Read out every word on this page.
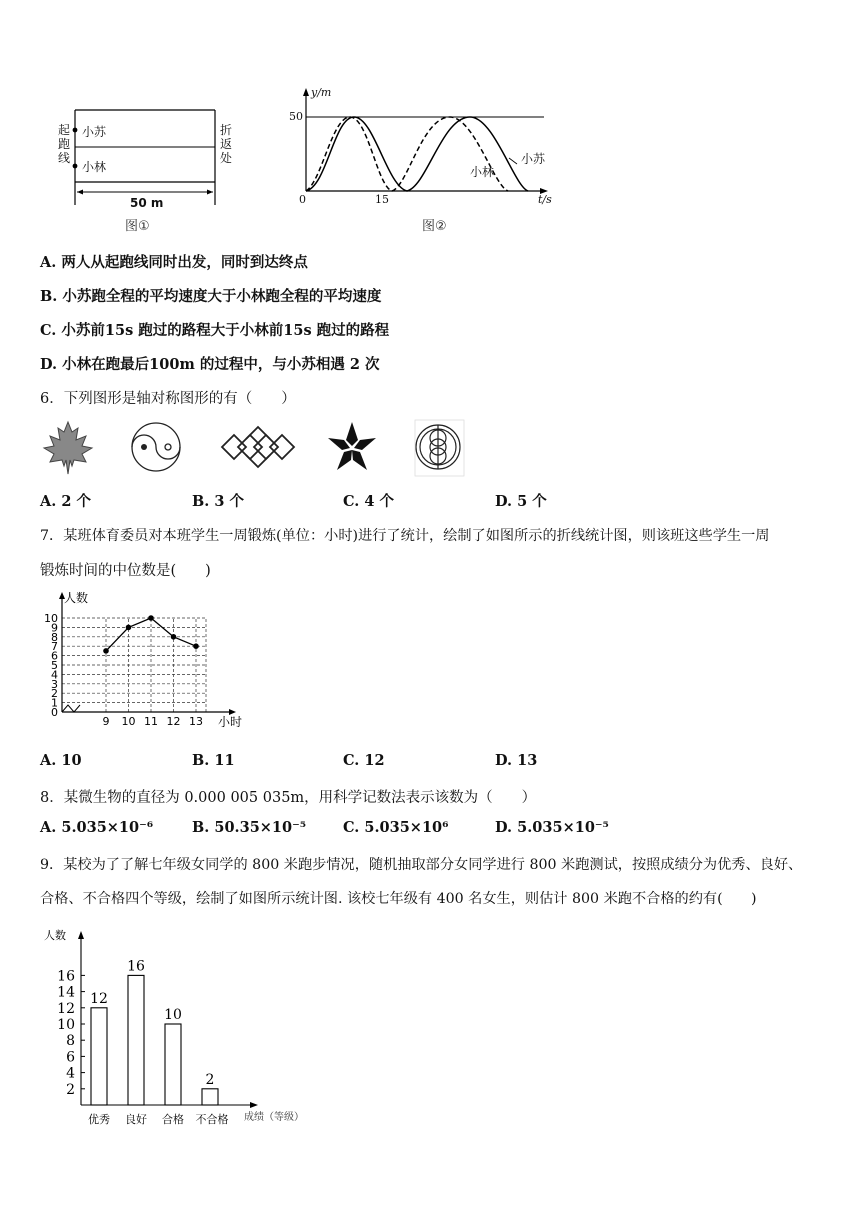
起跑线
折返处
小苏
小林
50 m
图①
y/m
t/s
50
15
0
小苏
小林
图②
A. 两人从起跑线同时出发，同时到达终点
B. 小苏跑全程的平均速度大于小林跑全程的平均速度
C. 小苏前15s 跑过的路程大于小林前15s 跑过的路程
D. 小林在跑最后100m 的过程中，与小苏相遇 2 次
6．下列图形是轴对称图形的有（　　）
A. 2 个	B. 3 个	C. 4 个	D. 5 个
7．某班体育委员对本班学生一周锻炼(单位：小时)进行了统计，绘制了如图所示的折线统计图，则该班这些学生一周
锻炼时间的中位数是(　　)
0
1
2
3
4
5
6
7
8
9
10
9 10 11 12 13
人数
小时
A. 10	B. 11	C. 12	D. 13
8．某微生物的直径为 0.000 005 035m，用科学记数法表示该数为（　　）
A. 5.035×10⁻⁶	B. 50.35×10⁻⁵	C. 5.035×10⁶	D. 5.035×10⁻⁵
9．某校为了了解七年级女同学的 800 米跑步情况，随机抽取部分女同学进行 800 米跑测试，按照成绩分为优秀、良好、
合格、不合格四个等级，绘制了如图所示统计图. 该校七年级有 400 名女生，则估计 800 米跑不合格的约有(　　)
2
4
6
8
10
12
14
16
人数
12
优秀
16
良好
10
合格
2
不合格 成绩（等级）
